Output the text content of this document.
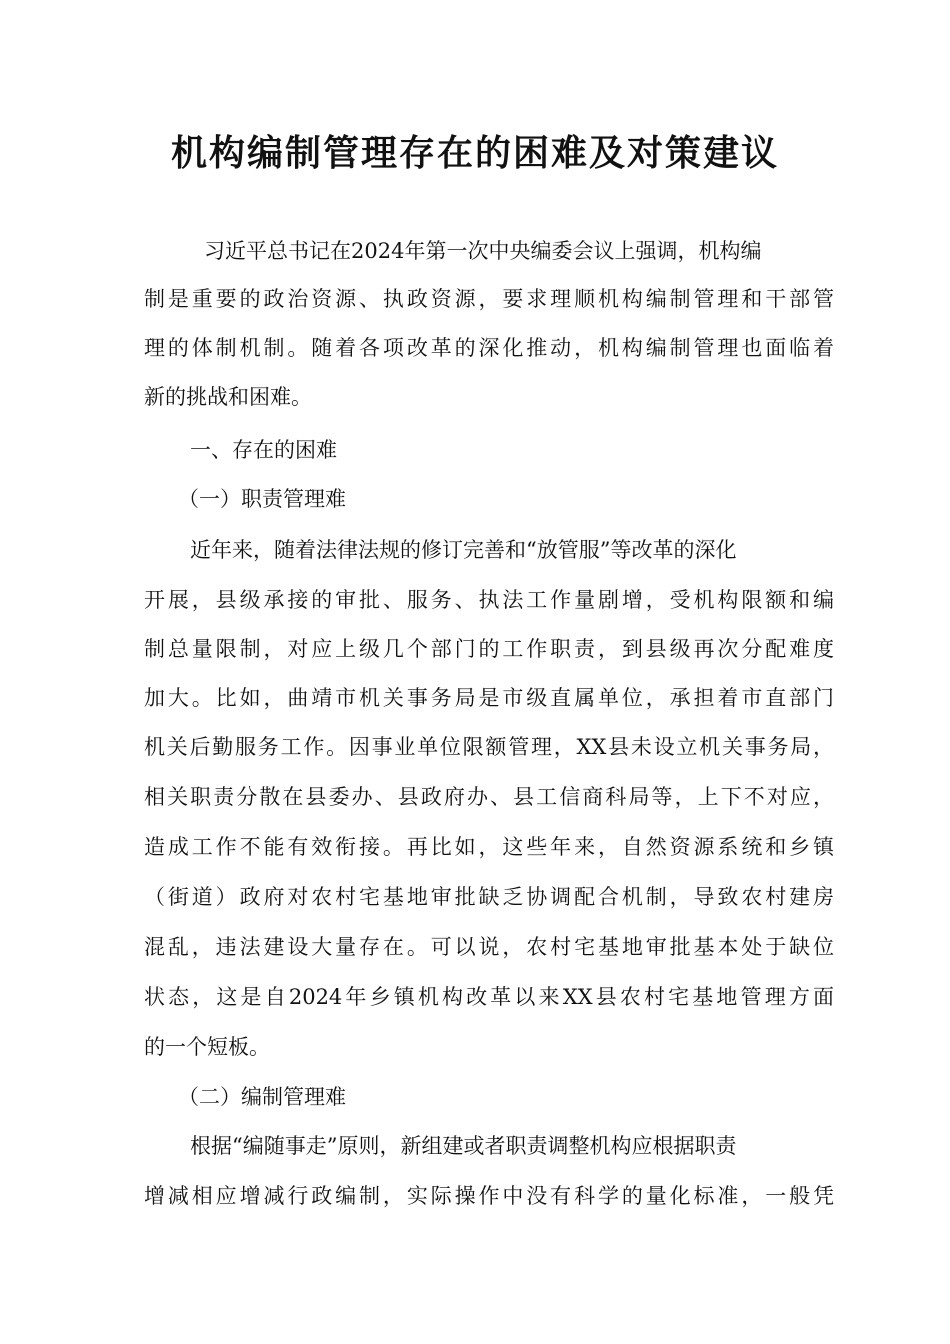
机构编制管理存在的困难及对策建议
习近平总书记在2024年第一次中央编委会议上强调，机构编
制是重要的政治资源、执政资源，要求理顺机构编制管理和干部管
理的体制机制。随着各项改革的深化推动，机构编制管理也面临着
新的挑战和困难。
一、存在的困难
（一）职责管理难
近年来，随着法律法规的修订完善和“放管服”等改革的深化
开展，县级承接的审批、服务、执法工作量剧增，受机构限额和编
制总量限制，对应上级几个部门的工作职责，到县级再次分配难度
加大。比如，曲靖市机关事务局是市级直属单位，承担着市直部门
机关后勤服务工作。因事业单位限额管理，XX县未设立机关事务局，
相关职责分散在县委办、县政府办、县工信商科局等，上下不对应，
造成工作不能有效衔接。再比如，这些年来，自然资源系统和乡镇
（街道）政府对农村宅基地审批缺乏协调配合机制，导致农村建房
混乱，违法建设大量存在。可以说，农村宅基地审批基本处于缺位
状态，这是自2024年乡镇机构改革以来XX县农村宅基地管理方面
的一个短板。
（二）编制管理难
根据“编随事走”原则，新组建或者职责调整机构应根据职责
增减相应增减行政编制，实际操作中没有科学的量化标准，一般凭
